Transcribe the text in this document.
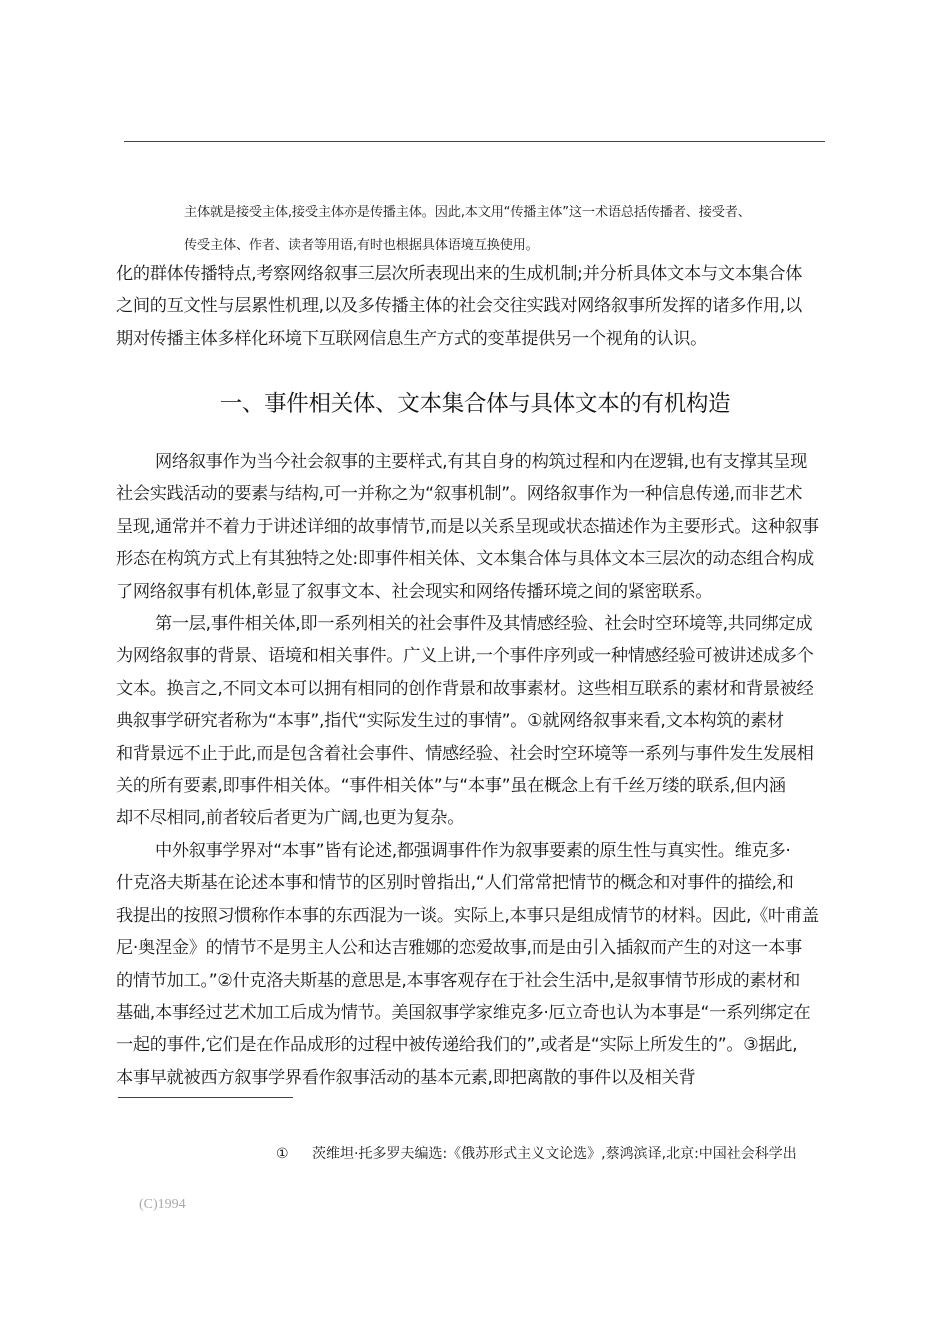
主体就是接受主体,接受主体亦是传播主体。因此,本文用“传播主体”这一术语总括传播者、接受者、

传受主体、作者、读者等用语,有时也根据具体语境互换使用。

化的群体传播特点,考察网络叙事三层次所表现出来的生成机制;并分析具体文本与文本集合体
之间的互文性与层累性机理,以及多传播主体的社会交往实践对网络叙事所发挥的诸多作用,以
期对传播主体多样化环境下互联网信息生产方式的变革提供另一个视角的认识。

一、事件相关体、文本集合体与具体文本的有机构造

网络叙事作为当今社会叙事的主要样式,有其自身的构筑过程和内在逻辑,也有支撑其呈现
社会实践活动的要素与结构,可一并称之为“叙事机制”。网络叙事作为一种信息传递,而非艺术
呈现,通常并不着力于讲述详细的故事情节,而是以关系呈现或状态描述作为主要形式。这种叙事
形态在构筑方式上有其独特之处:即事件相关体、文本集合体与具体文本三层次的动态组合构成
了网络叙事有机体,彰显了叙事文本、社会现实和网络传播环境之间的紧密联系。

第一层,事件相关体,即一系列相关的社会事件及其情感经验、社会时空环境等,共同绑定成
为网络叙事的背景、语境和相关事件。广义上讲,一个事件序列或一种情感经验可被讲述成多个
文本。换言之,不同文本可以拥有相同的创作背景和故事素材。这些相互联系的素材和背景被经
典叙事学研究者称为“本事”,指代“实际发生过的事情”。①就网络叙事来看,文本构筑的素材
和背景远不止于此,而是包含着社会事件、情感经验、社会时空环境等一系列与事件发生发展相
关的所有要素,即事件相关体。“事件相关体”与“本事”虽在概念上有千丝万缕的联系,但内涵
却不尽相同,前者较后者更为广阔,也更为复杂。

中外叙事学界对“本事”皆有论述,都强调事件作为叙事要素的原生性与真实性。维克多·
什克洛夫斯基在论述本事和情节的区别时曾指出,“人们常常把情节的概念和对事件的描绘,和
我提出的按照习惯称作本事的东西混为一谈。实际上,本事只是组成情节的材料。因此,《叶甫盖
尼·奥涅金》的情节不是男主人公和达吉雅娜的恋爱故事,而是由引入插叙而产生的对这一本事
的情节加工。”②什克洛夫斯基的意思是,本事客观存在于社会生活中,是叙事情节形成的素材和
基础,本事经过艺术加工后成为情节。美国叙事学家维克多·厄立奇也认为本事是“一系列绑定在
一起的事件,它们是在作品成形的过程中被传递给我们的”,或者是“实际上所发生的”。③据此,
本事早就被西方叙事学界看作叙事活动的基本元素,即把离散的事件以及相关背

① 茨维坦·托多罗夫编选:《俄苏形式主义文论选》,蔡鸿滨译,北京:中国社会科学出

(C)1994
